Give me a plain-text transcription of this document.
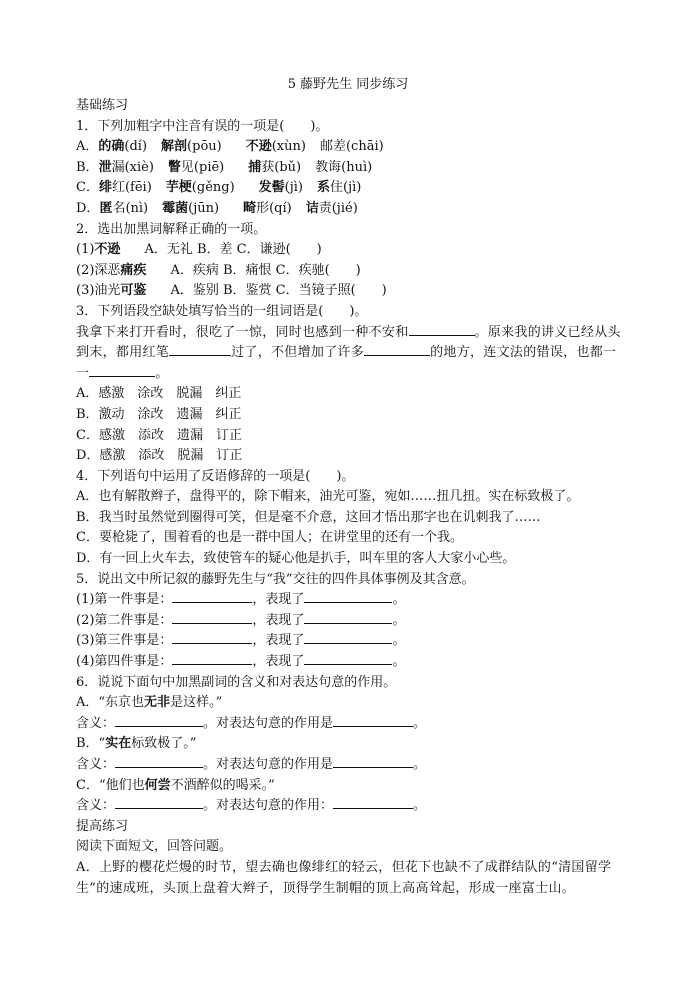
5 藤野先生 同步练习
基础练习
1．下列加粗字中注音有误的一项是(　　)。
A．的确(dí) 解剖(pōu) 不逊(xùn) 邮差(chāi)
B．泄漏(xiè) 瞥见(piē) 捕获(bǔ) 教诲(huì)
C．绯红(fēi) 芋梗(gěng) 发髻(jì) 系住(jì)
D．匿名(nì) 霉菌(jūn) 畸形(qí) 诘责(jié)
2．选出加黑词解释正确的一项。
(1)不逊 A．无礼 B．差 C．谦逊(　　)
(2)深恶痛疾 A．疾病 B．痛恨 C．疾驰(　　)
(3)油光可鉴 A．鉴别 B．鉴赏 C．当镜子照(　　)
3．下列语段空缺处填写恰当的一组词语是(　　)。
我拿下来打开看时，很吃了一惊，同时也感到一种不安和	。原来我的讲义已经从头到末，都用红笔	过了，不但增加了许多	的地方，连文法的错误，也都一一	。
A．感激　涂改　脱漏　纠正
B．激动　涂改　遗漏　纠正
C．感激　添改　遗漏　订正
D．感激　添改　脱漏　订正
4．下列语句中运用了反语修辞的一项是(　　)。
A．也有解散辫子，盘得平的，除下帽来，油光可鉴，宛如……扭几扭。实在标致极了。
B．我当时虽然觉到圈得可笑，但是毫不介意，这回才悟出那字也在讥刺我了……
C．要枪毙了，围着看的也是一群中国人；在讲堂里的还有一个我。
D．有一回上火车去，致使管车的疑心他是扒手，叫车里的客人大家小心些。
5．说出文中所记叙的藤野先生与“我”交往的四件具体事例及其含意。
(1)第一件事是：	，表现了	。
(2)第二件事是：	，表现了	。
(3)第三件事是：	，表现了	。
(4)第四件事是：	，表现了	。
6．说说下面句中加黑副词的含义和对表达句意的作用。
A．“东京也无非是这样。”
含义：	。对表达句意的作用是	。
B．“实在标致极了。”
含义：	。对表达句意的作用是	。
C．“他们也何尝不酒醉似的喝采。”
含义：	。对表达句意的作用：	。
提高练习
阅读下面短文，回答问题。
A．上野的樱花烂熳的时节，望去确也像绯红的轻云，但花下也缺不了成群结队的“清国留学生”的速成班，头顶上盘着大辫子，顶得学生制帽的顶上高高耸起，形成一座富士山。
